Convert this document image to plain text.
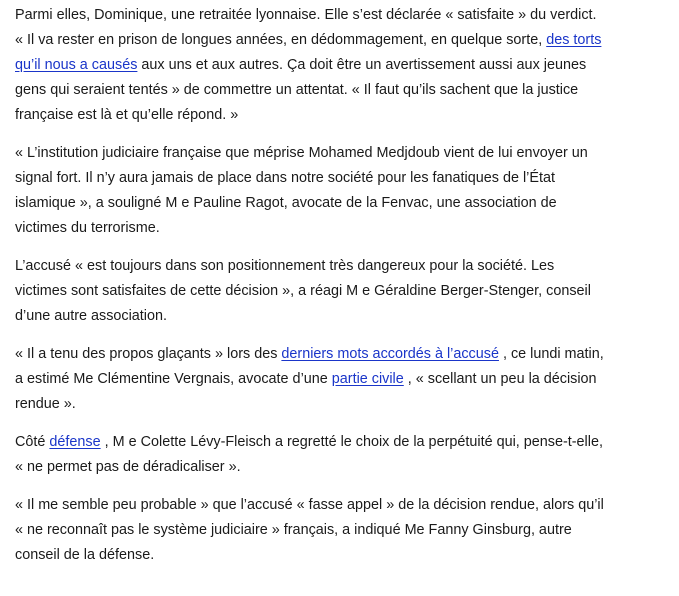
Parmi elles, Dominique, une retraitée lyonnaise. Elle s’est déclarée « satisfaite » du verdict. « Il va rester en prison de longues années, en dédommagement, en quelque sorte, des torts qu’il nous a causés aux uns et aux autres. Ça doit être un avertissement aussi aux jeunes gens qui seraient tentés » de commettre un attentat. « Il faut qu’ils sachent que la justice française est là et qu’elle répond. »

« L’institution judiciaire française que méprise Mohamed Medjdoub vient de lui envoyer un signal fort. Il n’y aura jamais de place dans notre société pour les fanatiques de l’État islamique », a souligné M e Pauline Ragot, avocate de la Fenvac, une association de victimes du terrorisme.

L’accusé « est toujours dans son positionnement très dangereux pour la société. Les victimes sont satisfaites de cette décision », a réagi M e Géraldine Berger-Stenger, conseil d’une autre association.

« Il a tenu des propos glaçants » lors des derniers mots accordés à l’accusé , ce lundi matin, a estimé Me Clémentine Vergnais, avocate d’une partie civile , « scellant un peu la décision rendue ».

Côté défense , M e Colette Lévy-Fleisch a regretté le choix de la perpétuité qui, pense-t-elle, « ne permet pas de déradicaliser ».

« Il me semble peu probable » que l’accusé « fasse appel » de la décision rendue, alors qu’il « ne reconnaît pas le système judiciaire » français, a indiqué Me Fanny Ginsburg, autre conseil de la défense.
